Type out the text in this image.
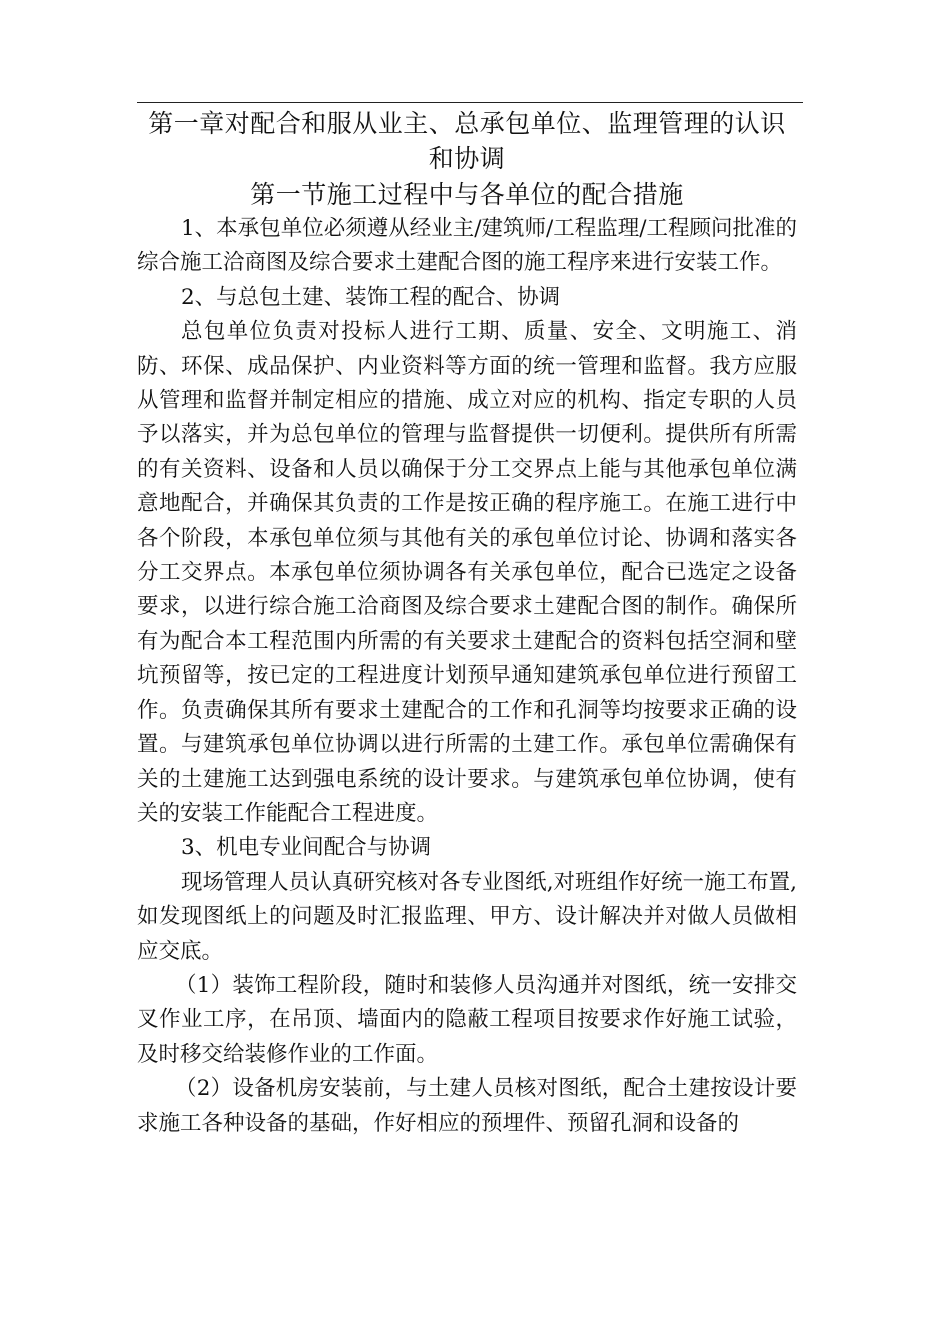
第一章对配合和服从业主、总承包单位、监理管理的认识和协调
第一节施工过程中与各单位的配合措施

1、本承包单位必须遵从经业主/建筑师/工程监理/工程顾问批准的综合施工洽商图及综合要求土建配合图的施工程序来进行安装工作。

2、与总包土建、装饰工程的配合、协调

总包单位负责对投标人进行工期、质量、安全、文明施工、消防、环保、成品保护、内业资料等方面的统一管理和监督。我方应服从管理和监督并制定相应的措施、成立对应的机构、指定专职的人员予以落实，并为总包单位的管理与监督提供一切便利。提供所有所需的有关资料、设备和人员以确保于分工交界点上能与其他承包单位满意地配合，并确保其负责的工作是按正确的程序施工。在施工进行中各个阶段，本承包单位须与其他有关的承包单位讨论、协调和落实各分工交界点。本承包单位须协调各有关承包单位，配合已选定之设备要求，以进行综合施工洽商图及综合要求土建配合图的制作。确保所有为配合本工程范围内所需的有关要求土建配合的资料包括空洞和壁坑预留等，按已定的工程进度计划预早通知建筑承包单位进行预留工作。负责确保其所有要求土建配合的工作和孔洞等均按要求正确的设置。与建筑承包单位协调以进行所需的土建工作。承包单位需确保有关的土建施工达到强电系统的设计要求。与建筑承包单位协调，使有关的安装工作能配合工程进度。

3、机电专业间配合与协调

现场管理人员认真研究核对各专业图纸,对班组作好统一施工布置,如发现图纸上的问题及时汇报监理、甲方、设计解决并对做人员做相应交底。

（1）装饰工程阶段，随时和装修人员沟通并对图纸，统一安排交叉作业工序，在吊顶、墙面内的隐蔽工程项目按要求作好施工试验，及时移交给装修作业的工作面。

（2）设备机房安装前，与土建人员核对图纸，配合土建按设计要求施工各种设备的基础，作好相应的预埋件、预留孔洞和设备的
